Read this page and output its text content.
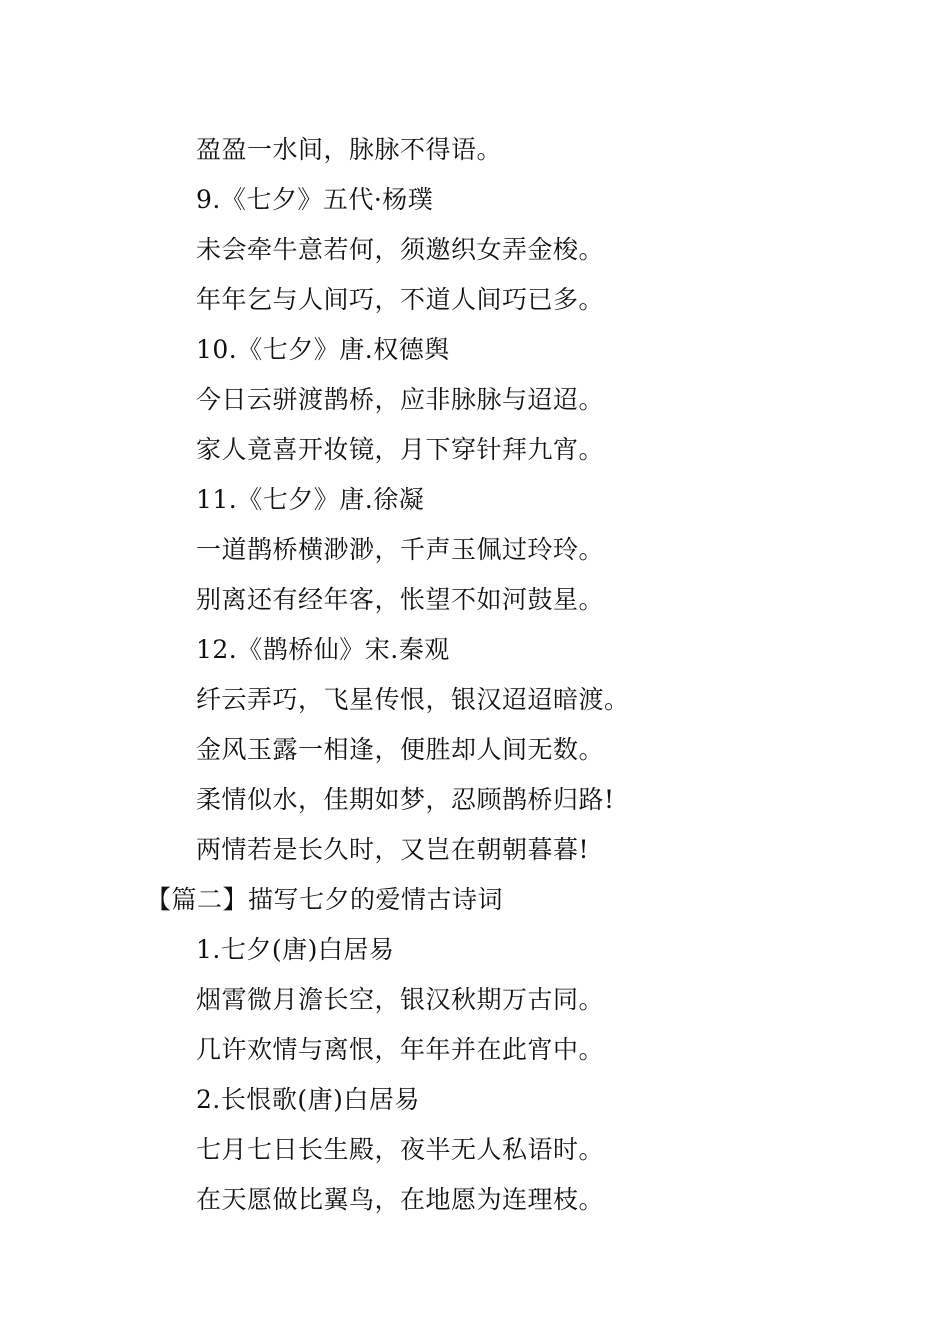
盈盈一水间，脉脉不得语。
9.《七夕》五代·杨璞
未会牵牛意若何，须邀织女弄金梭。
年年乞与人间巧，不道人间巧已多。
10.《七夕》唐.权德舆
今日云骈渡鹊桥，应非脉脉与迢迢。
家人竟喜开妆镜，月下穿针拜九宵。
11.《七夕》唐.徐凝
一道鹊桥横渺渺，千声玉佩过玲玲。
别离还有经年客，怅望不如河鼓星。
12.《鹊桥仙》宋.秦观
纤云弄巧，飞星传恨，银汉迢迢暗渡。
金风玉露一相逢，便胜却人间无数。
柔情似水，佳期如梦，忍顾鹊桥归路!
两情若是长久时，又岂在朝朝暮暮!
【篇二】描写七夕的爱情古诗词
1.七夕(唐)白居易
烟霄微月澹长空，银汉秋期万古同。
几许欢情与离恨，年年并在此宵中。
2.长恨歌(唐)白居易
七月七日长生殿，夜半无人私语时。
在天愿做比翼鸟，在地愿为连理枝。
